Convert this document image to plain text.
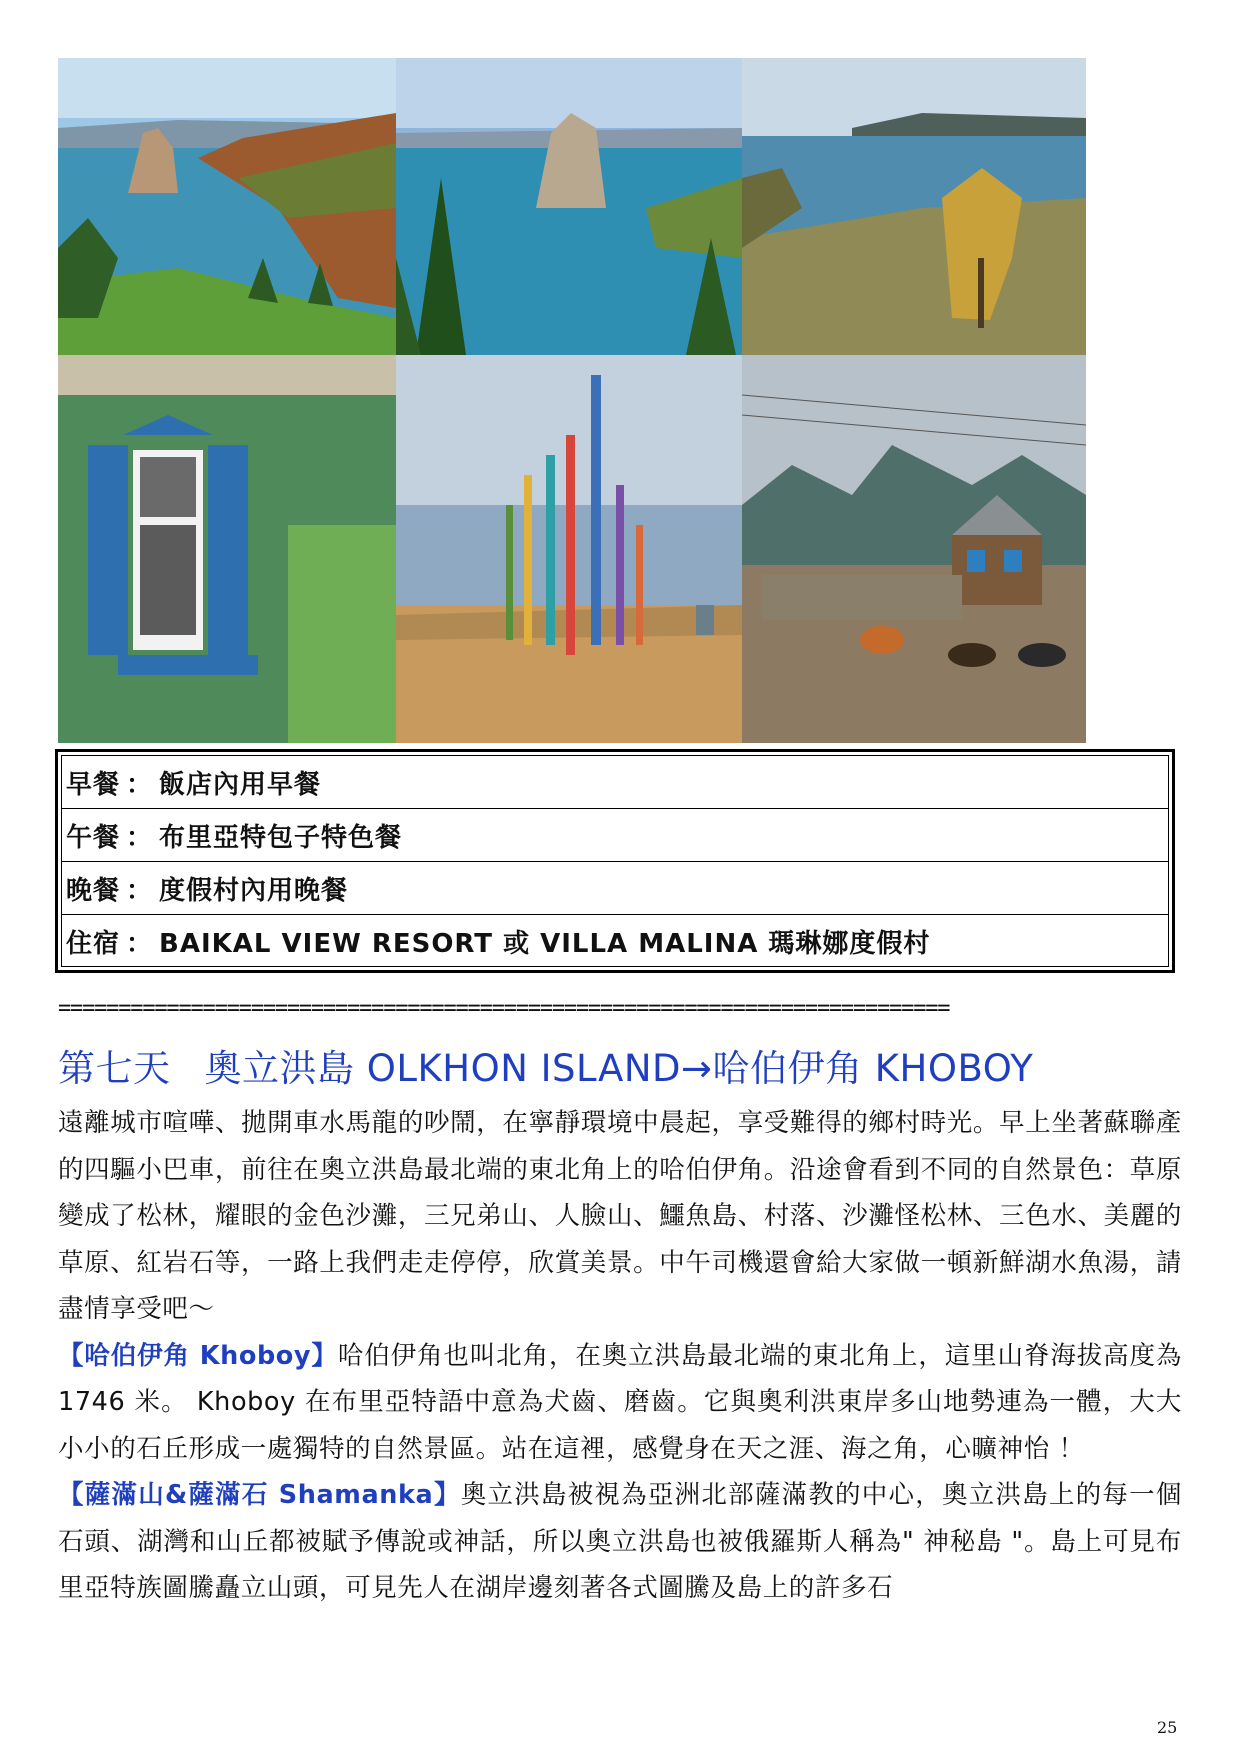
早餐 ： 飯店內用早餐
午餐 ： 布里亞特包子特色餐
晚餐 ： 度假村內用晚餐
住宿 ： BAIKAL VIEW RESORT 或 VILLA MALINA 瑪琳娜度假村
==========================================================================
第七天 奧立洪島 OLKHON ISLAND→哈伯伊角 KHOBOY

遠離城市喧嘩、拋開車水馬龍的吵鬧，在寧靜環境中晨起，享受難得的鄉村時光。早上坐著蘇聯產的四驅小巴車，前往在奧立洪島最北端的東北角上的哈伯伊角。沿途會看到不同的自然景色：草原變成了松林，耀眼的金色沙灘，三兄弟山、人臉山、鱷魚島、村落、沙灘怪松林、三色水、美麗的草原、紅岩石等，一路上我們走走停停，欣賞美景。中午司機還會給大家做一頓新鮮湖水魚湯，請盡情享受吧～

【哈伯伊角 Khoboy】哈伯伊角也叫北角，在奧立洪島最北端的東北角上，這里山脊海拔高度為 1746 米。 Khoboy 在布里亞特語中意為犬齒、磨齒。它與奧利洪東岸多山地勢連為一體，大大小小的石丘形成一處獨特的自然景區。站在這裡，感覺身在天之涯、海之角，心曠神怡 ！

【薩滿山&薩滿石 Shamanka】奧立洪島被視為亞洲北部薩滿教的中心，奧立洪島上的每一個石頭、湖灣和山丘都被賦予傳說或神話，所以奧立洪島也被俄羅斯人稱為" 神秘島 "。島上可見布里亞特族圖騰矗立山頭，可見先人在湖岸邊刻著各式圖騰及島上的許多石

25
